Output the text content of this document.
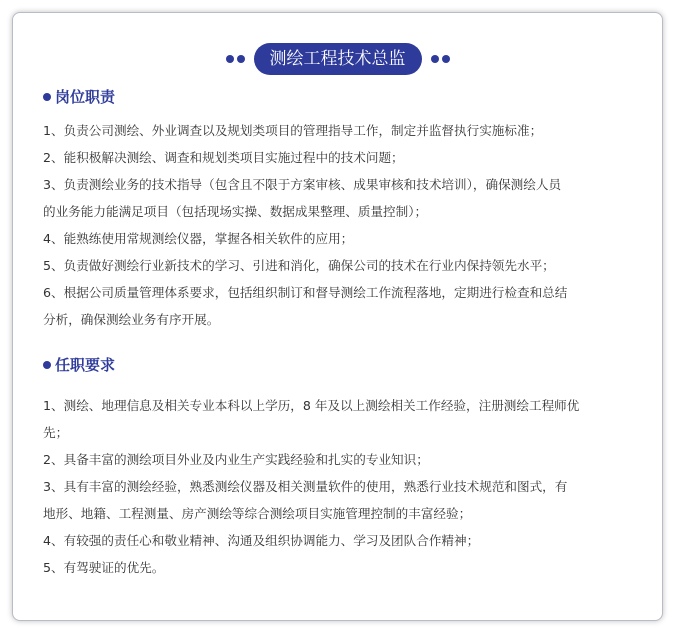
测绘工程技术总监
岗位职责
1、负责公司测绘、外业调查以及规划类项目的管理指导工作，制定并监督执行实施标准；
2、能积极解决测绘、调查和规划类项目实施过程中的技术问题；
3、负责测绘业务的技术指导（包含且不限于方案审核、成果审核和技术培训），确保测绘人员
的业务能力能满足项目（包括现场实操、数据成果整理、质量控制）；
4、能熟练使用常规测绘仪器，掌握各相关软件的应用；
5、负责做好测绘行业新技术的学习、引进和消化，确保公司的技术在行业内保持领先水平；
6、根据公司质量管理体系要求，包括组织制订和督导测绘工作流程落地，定期进行检查和总结
分析，确保测绘业务有序开展。
任职要求
1、测绘、地理信息及相关专业本科以上学历，8 年及以上测绘相关工作经验，注册测绘工程师优
先；
2、具备丰富的测绘项目外业及内业生产实践经验和扎实的专业知识；
3、具有丰富的测绘经验，熟悉测绘仪器及相关测量软件的使用，熟悉行业技术规范和图式，有
地形、地籍、工程测量、房产测绘等综合测绘项目实施管理控制的丰富经验；
4、有较强的责任心和敬业精神、沟通及组织协调能力、学习及团队合作精神；
5、有驾驶证的优先。
